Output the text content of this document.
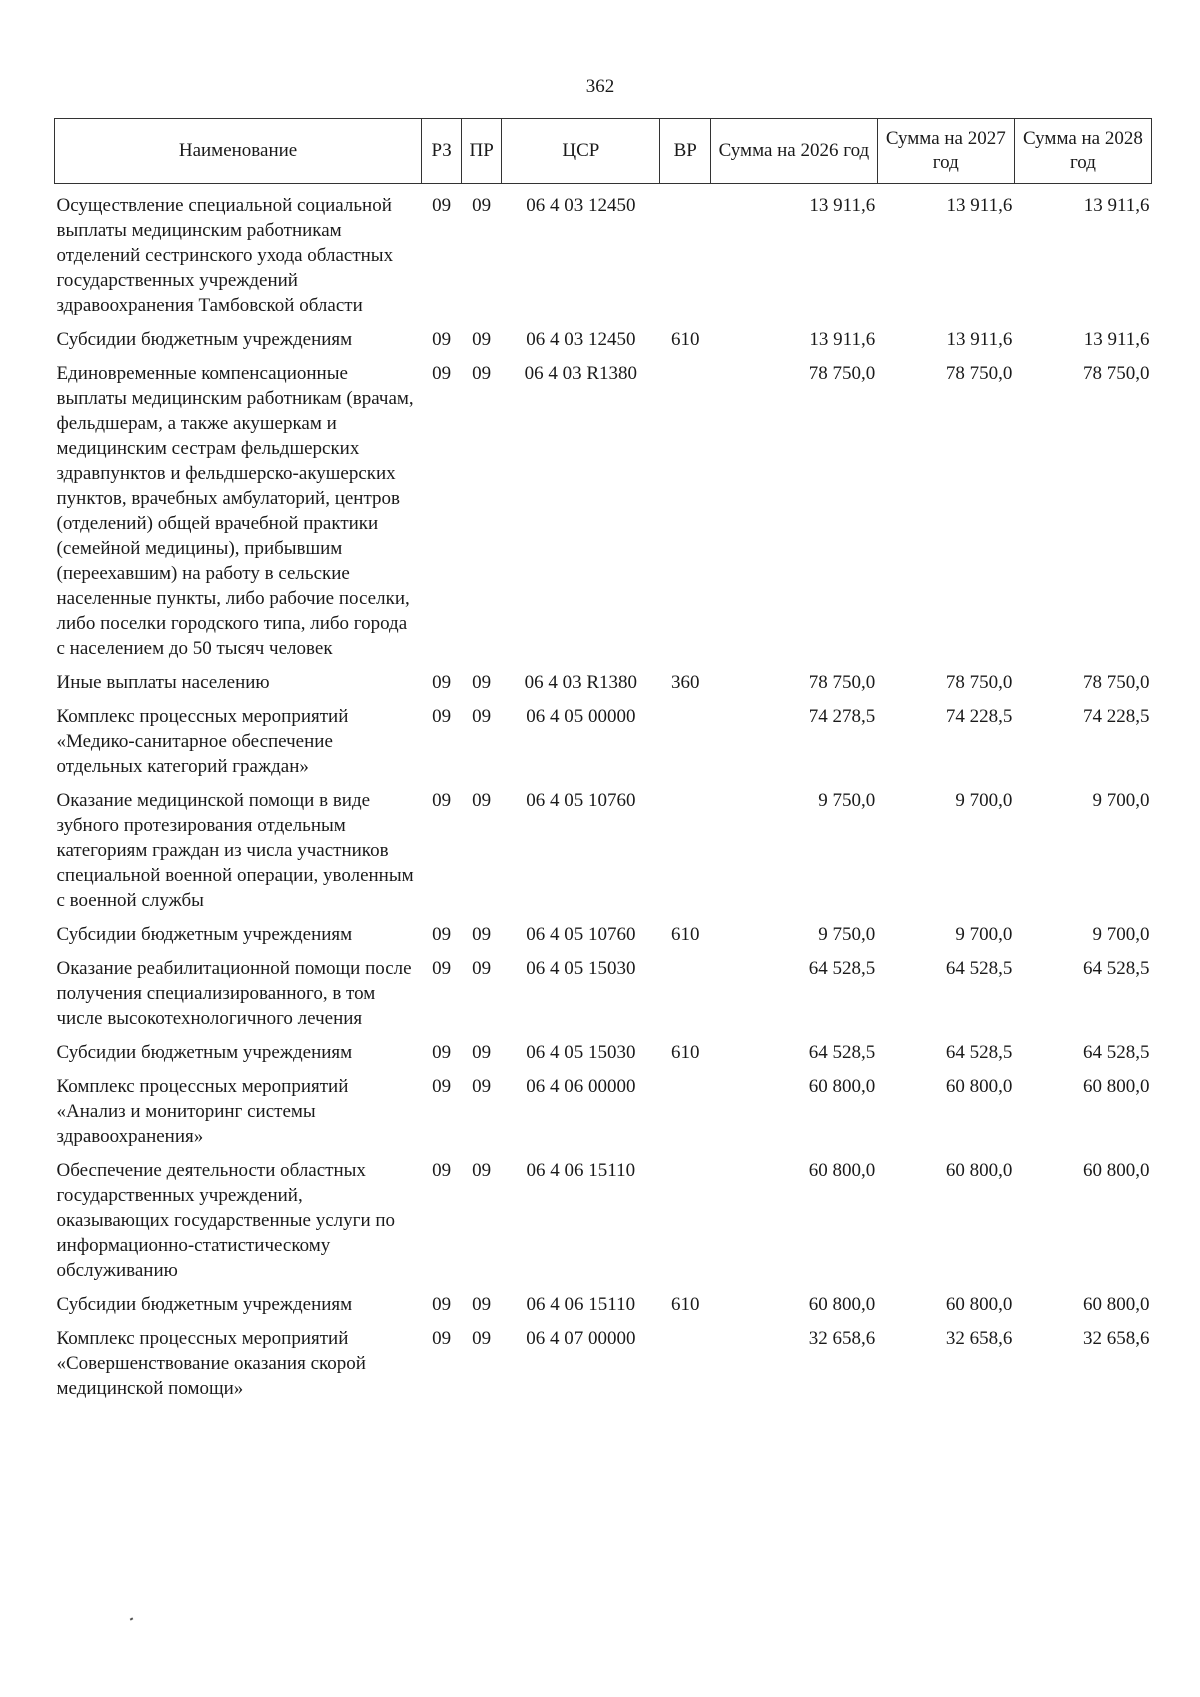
362
Наименование	РЗ	ПР	ЦСР	ВР	Сумма на 2026 год	Сумма на 2027 год	Сумма на 2028 год
Осуществление специальной социальной выплаты медицинским работникам отделений сестринского ухода областных государственных учреждений здравоохранения Тамбовской области	09	09	06 4 03 12450		13 911,6	13 911,6	13 911,6
Субсидии бюджетным учреждениям	09	09	06 4 03 12450	610	13 911,6	13 911,6	13 911,6
Единовременные компенсационные выплаты медицинским работникам (врачам, фельдшерам, а также акушеркам и медицинским сестрам фельдшерских здравпунктов и фельдшерско-акушерских пунктов, врачебных амбулаторий, центров (отделений) общей врачебной практики (семейной медицины), прибывшим (переехавшим) на работу в сельские населенные пункты, либо рабочие поселки, либо поселки городского типа, либо города с населением до 50 тысяч человек	09	09	06 4 03 R1380		78 750,0	78 750,0	78 750,0
Иные выплаты населению	09	09	06 4 03 R1380	360	78 750,0	78 750,0	78 750,0
Комплекс процессных мероприятий «Медико-санитарное обеспечение отдельных категорий граждан»	09	09	06 4 05 00000		74 278,5	74 228,5	74 228,5
Оказание медицинской помощи в виде зубного протезирования отдельным категориям граждан из числа участников специальной военной операции, уволенным с военной службы	09	09	06 4 05 10760		9 750,0	9 700,0	9 700,0
Субсидии бюджетным учреждениям	09	09	06 4 05 10760	610	9 750,0	9 700,0	9 700,0
Оказание реабилитационной помощи после получения специализированного, в том числе высокотехнологичного лечения	09	09	06 4 05 15030		64 528,5	64 528,5	64 528,5
Субсидии бюджетным учреждениям	09	09	06 4 05 15030	610	64 528,5	64 528,5	64 528,5
Комплекс процессных мероприятий «Анализ и мониторинг системы здравоохранения»	09	09	06 4 06 00000		60 800,0	60 800,0	60 800,0
Обеспечение деятельности областных государственных учреждений, оказывающих государственные услуги по информационно-статистическому обслуживанию	09	09	06 4 06 15110		60 800,0	60 800,0	60 800,0
Субсидии бюджетным учреждениям	09	09	06 4 06 15110	610	60 800,0	60 800,0	60 800,0
Комплекс процессных мероприятий «Совершенствование оказания скорой медицинской помощи»	09	09	06 4 07 00000		32 658,6	32 658,6	32 658,6
